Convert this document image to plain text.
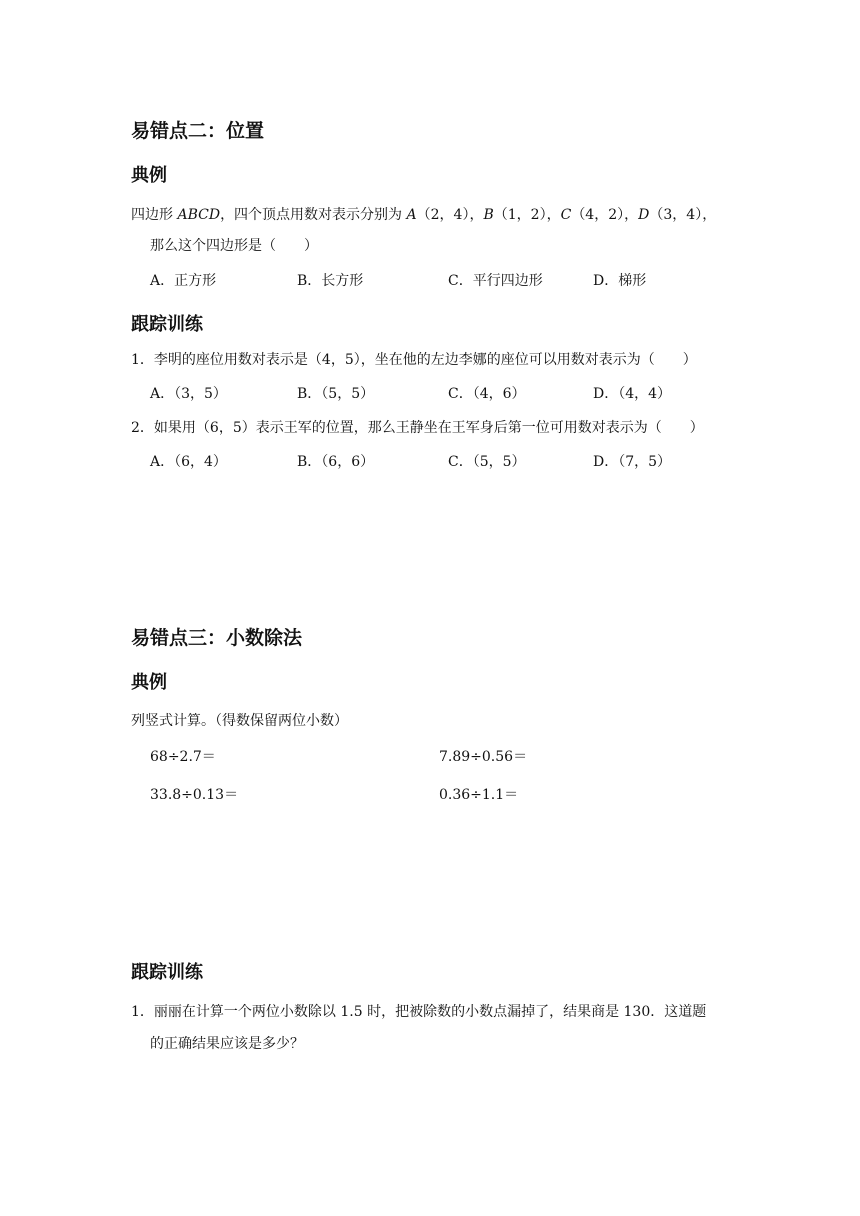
易错点二：位置
典例
四边形 ABCD，四个顶点用数对表示分别为 A（2，4），B（1，2），C（4，2），D（3，4），
那么这个四边形是（　　）
A．正方形	B．长方形	C．平行四边形	D．梯形
跟踪训练
1．李明的座位用数对表示是（4，5），坐在他的左边李娜的座位可以用数对表示为（　　）
A．（3，5）	B．（5，5）	C．（4，6）	D．（4，4）
2．如果用（6，5）表示王军的位置，那么王静坐在王军身后第一位可用数对表示为（　　）
A．（6，4）	B．（6，6）	C．（5，5）	D．（7，5）
易错点三：小数除法
典例
列竖式计算。（得数保留两位小数）
68÷2.7＝	7.89÷0.56＝
33.8÷0.13＝	0.36÷1.1＝
跟踪训练
1．丽丽在计算一个两位小数除以 1.5 时，把被除数的小数点漏掉了，结果商是 130．这道题
的正确结果应该是多少？
